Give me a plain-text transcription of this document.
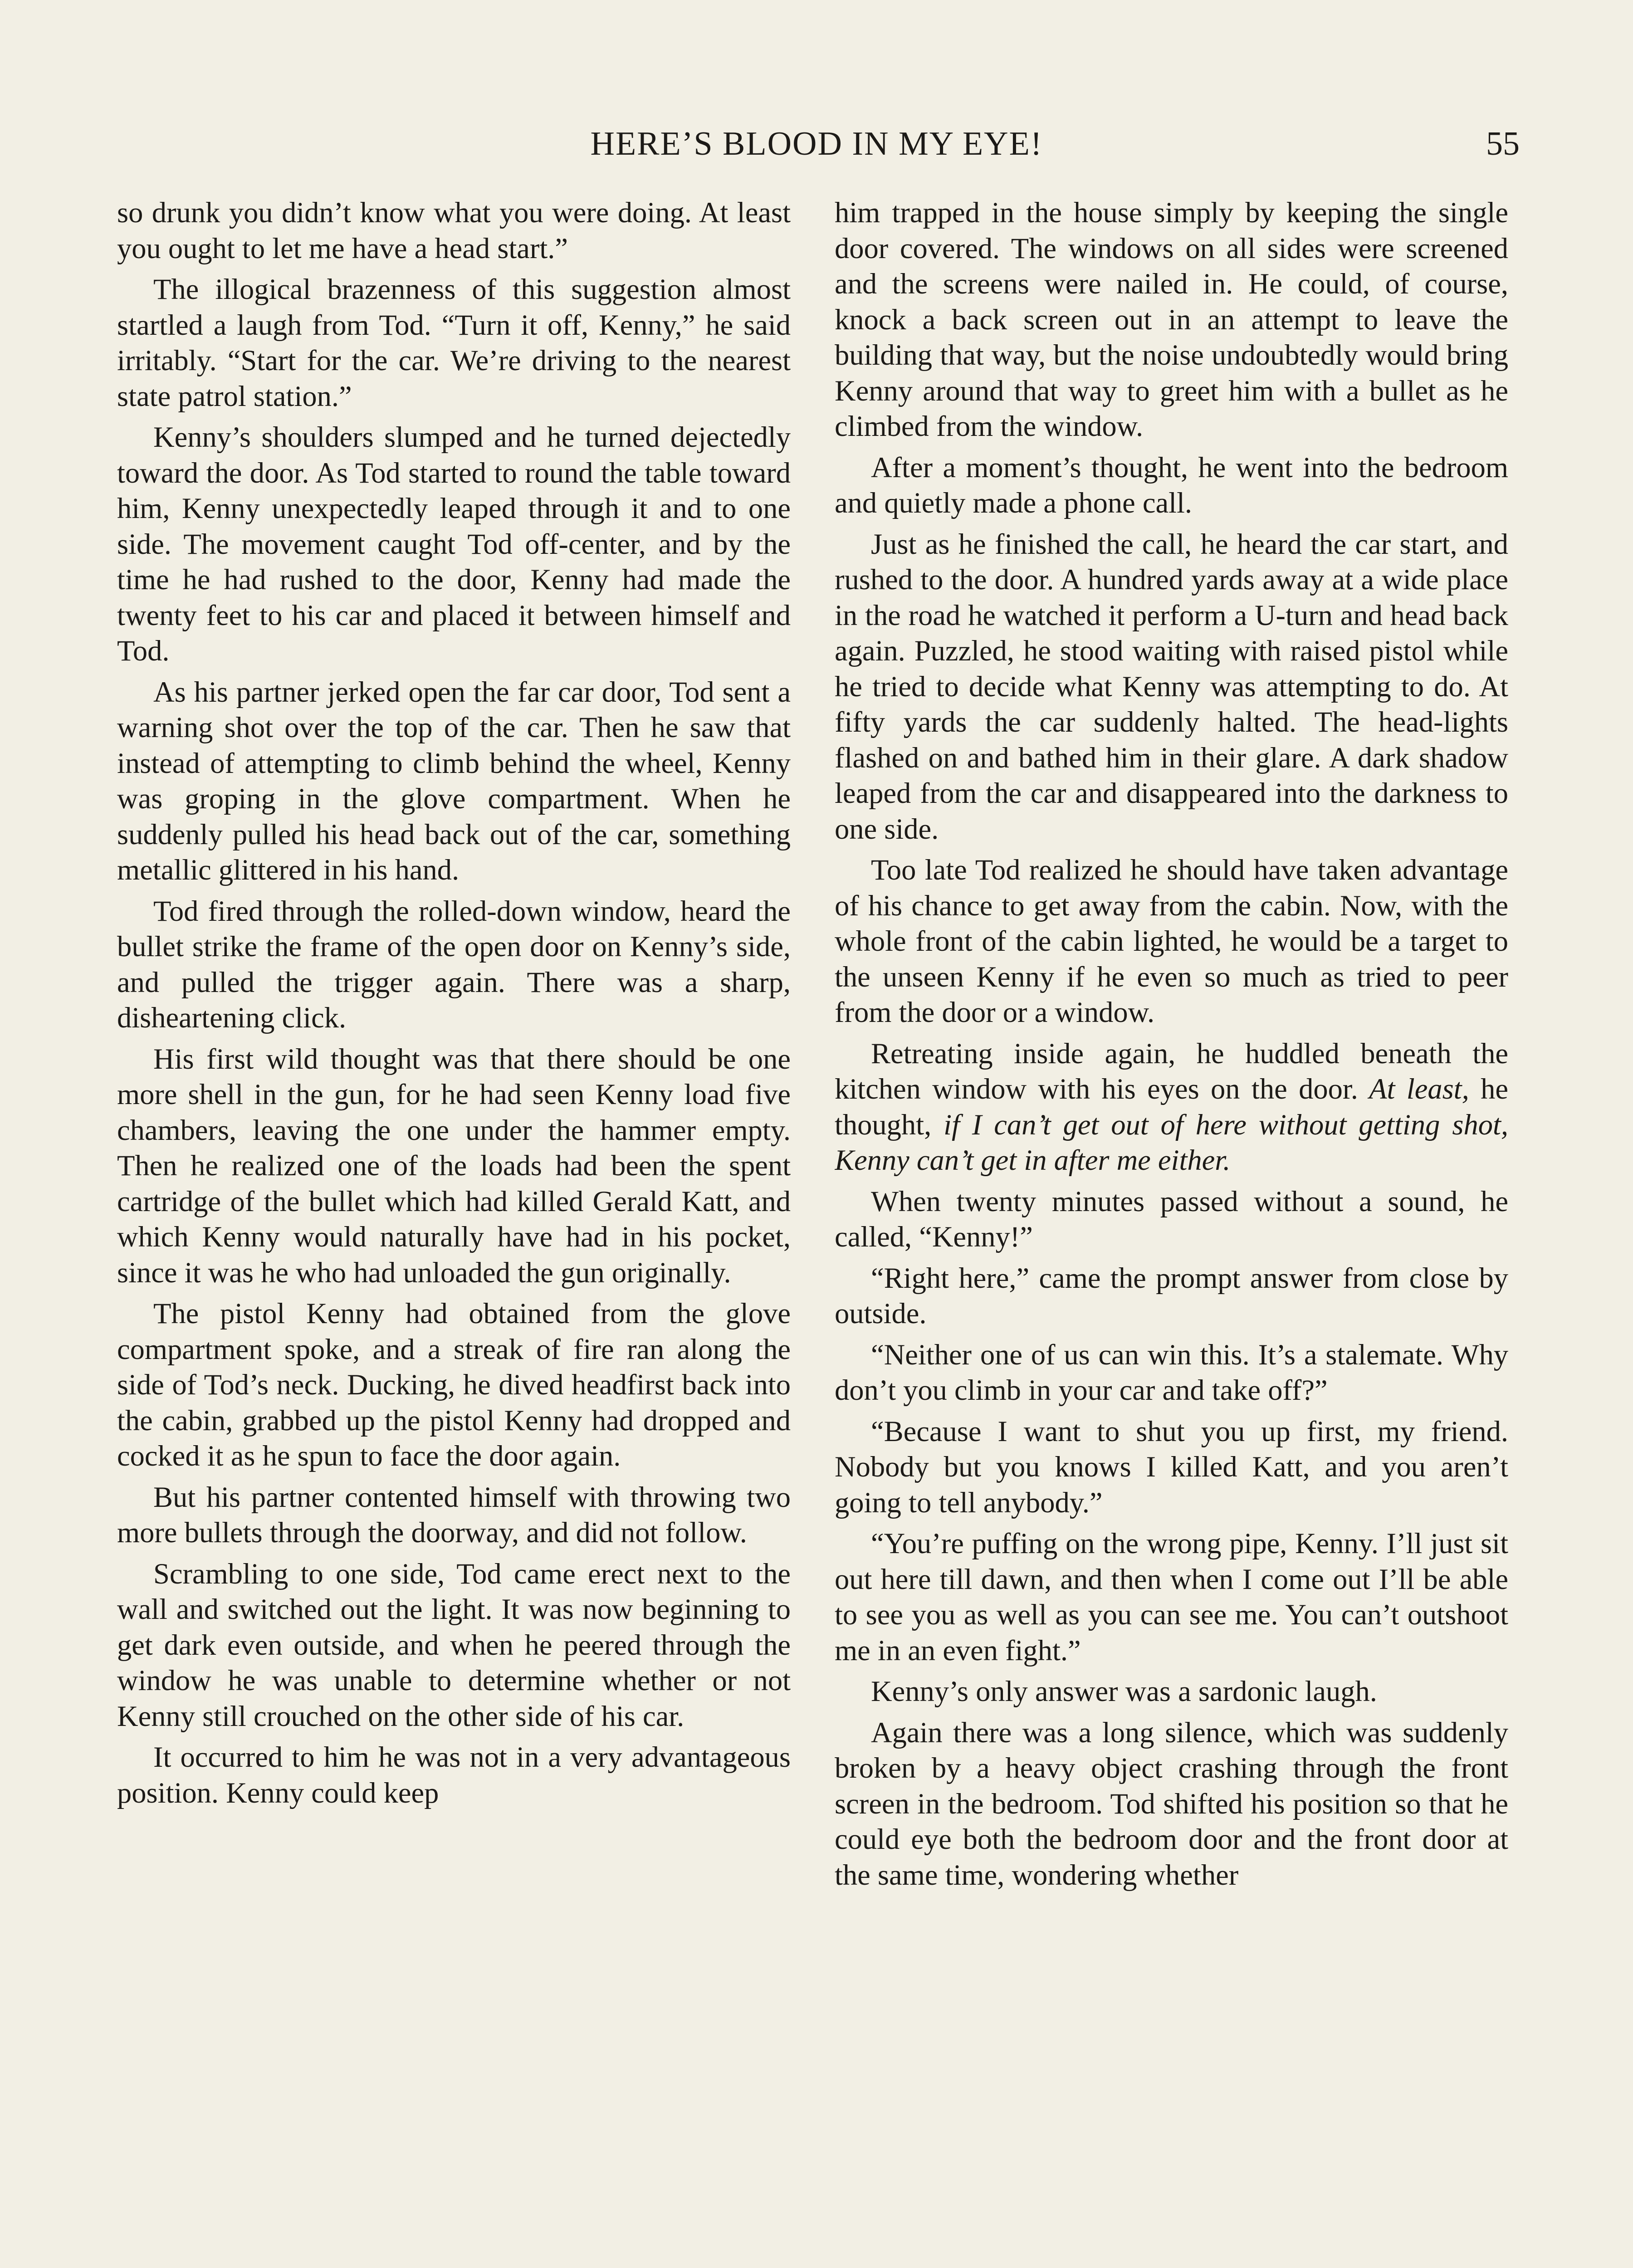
HERE’S BLOOD IN MY EYE!	55

so drunk you didn’t know what you were doing. At least you ought to let me have a head start.”

The illogical brazenness of this suggestion almost startled a laugh from Tod. “Turn it off, Kenny,” he said irritably. “Start for the car. We’re driving to the nearest state patrol station.”

Kenny’s shoulders slumped and he turned dejectedly toward the door. As Tod started to round the table toward him, Kenny unexpectedly leaped through it and to one side. The movement caught Tod off-center, and by the time he had rushed to the door, Kenny had made the twenty feet to his car and placed it between himself and Tod.

As his partner jerked open the far car door, Tod sent a warning shot over the top of the car. Then he saw that instead of attempting to climb behind the wheel, Kenny was groping in the glove compartment. When he suddenly pulled his head back out of the car, something metallic glittered in his hand.

Tod fired through the rolled-down window, heard the bullet strike the frame of the open door on Kenny’s side, and pulled the trigger again. There was a sharp, disheartening click.

His first wild thought was that there should be one more shell in the gun, for he had seen Kenny load five chambers, leaving the one under the hammer empty. Then he realized one of the loads had been the spent cartridge of the bullet which had killed Gerald Katt, and which Kenny would naturally have had in his pocket, since it was he who had unloaded the gun originally.

The pistol Kenny had obtained from the glove compartment spoke, and a streak of fire ran along the side of Tod’s neck. Ducking, he dived headfirst back into the cabin, grabbed up the pistol Kenny had dropped and cocked it as he spun to face the door again.

But his partner contented himself with throwing two more bullets through the doorway, and did not follow.

Scrambling to one side, Tod came erect next to the wall and switched out the light. It was now beginning to get dark even outside, and when he peered through the window he was unable to determine whether or not Kenny still crouched on the other side of his car.

It occurred to him he was not in a very advantageous position. Kenny could keep

him trapped in the house simply by keeping the single door covered. The windows on all sides were screened and the screens were nailed in. He could, of course, knock a back screen out in an attempt to leave the building that way, but the noise undoubtedly would bring Kenny around that way to greet him with a bullet as he climbed from the window.

After a moment’s thought, he went into the bedroom and quietly made a phone call.

Just as he finished the call, he heard the car start, and rushed to the door. A hundred yards away at a wide place in the road he watched it perform a U-turn and head back again. Puzzled, he stood waiting with raised pistol while he tried to decide what Kenny was attempting to do. At fifty yards the car suddenly halted. The head-lights flashed on and bathed him in their glare. A dark shadow leaped from the car and disappeared into the darkness to one side.

Too late Tod realized he should have taken advantage of his chance to get away from the cabin. Now, with the whole front of the cabin lighted, he would be a target to the unseen Kenny if he even so much as tried to peer from the door or a window.

Retreating inside again, he huddled beneath the kitchen window with his eyes on the door. At least, he thought, if I can’t get out of here without getting shot, Kenny can’t get in after me either.

When twenty minutes passed without a sound, he called, “Kenny!”

“Right here,” came the prompt answer from close by outside.

“Neither one of us can win this. It’s a stalemate. Why don’t you climb in your car and take off?”

“Because I want to shut you up first, my friend. Nobody but you knows I killed Katt, and you aren’t going to tell anybody.”

“You’re puffing on the wrong pipe, Kenny. I’ll just sit out here till dawn, and then when I come out I’ll be able to see you as well as you can see me. You can’t outshoot me in an even fight.”

Kenny’s only answer was a sardonic laugh.

Again there was a long silence, which was suddenly broken by a heavy object crashing through the front screen in the bedroom. Tod shifted his position so that he could eye both the bedroom door and the front door at the same time, wondering whether
